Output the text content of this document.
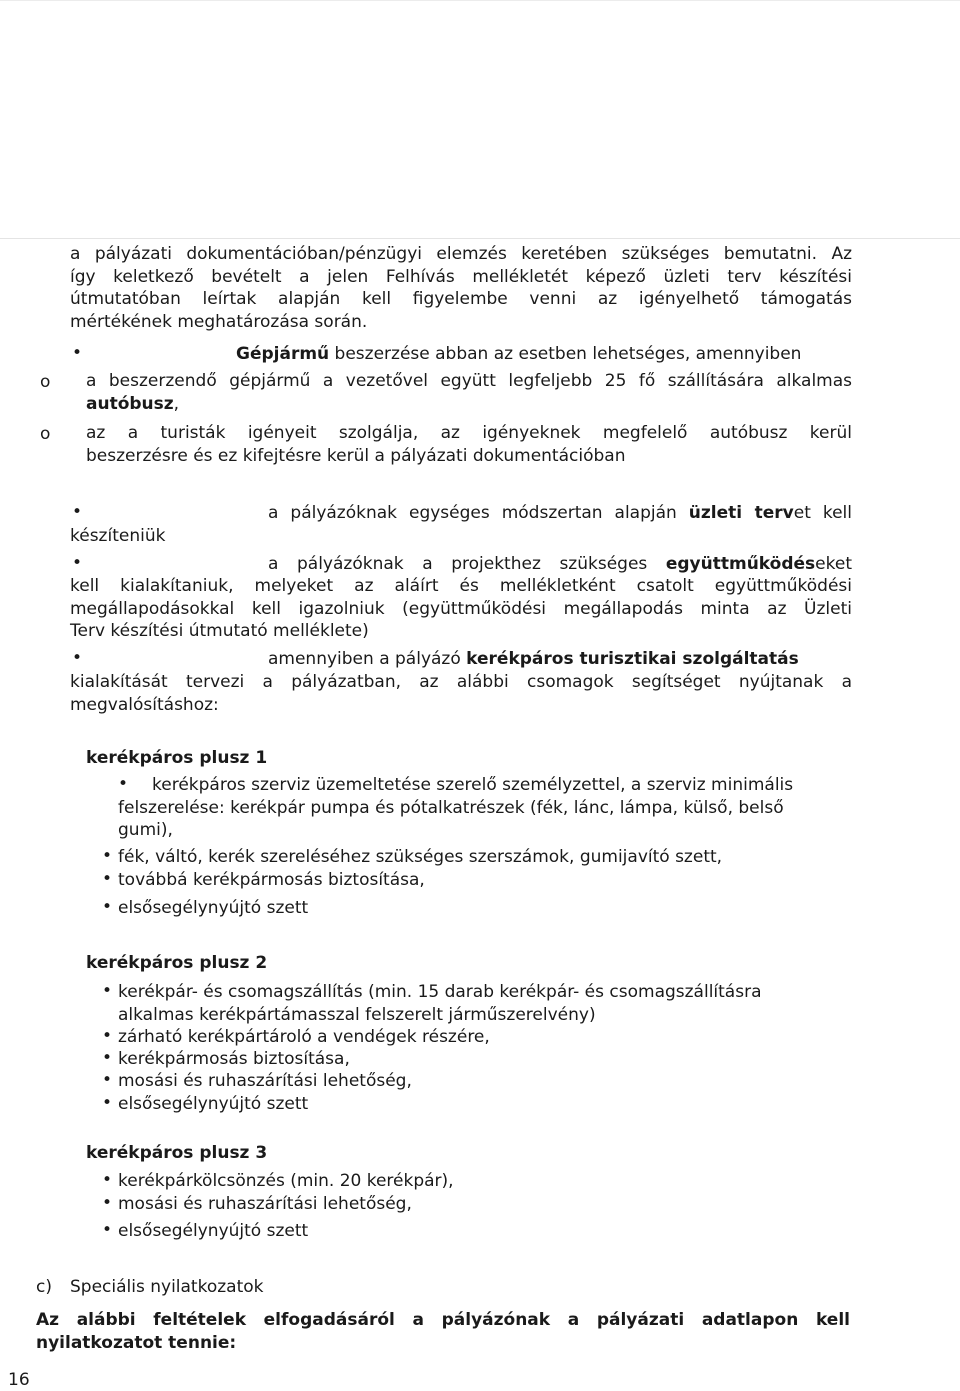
a pályázati dokumentációban/pénzügyi elemzés keretében szükséges bemutatni. Az
így keletkező bevételt a jelen Felhívás mellékletét képező üzleti terv készítési
útmutatóban leírtak alapján kell figyelembe venni az igényelhető támogatás
mértékének meghatározása során.
•	Gépjármű beszerzése abban az esetben lehetséges, amennyiben
o a beszerzendő gépjármű a vezetővel együtt legfeljebb 25 fő szállítására alkalmas
autóbusz,
o az a turisták igényeit szolgálja, az igényeknek megfelelő autóbusz kerül
beszerzésre és ez kifejtésre kerül a pályázati dokumentációban
•	a pályázóknak egységes módszertan alapján üzleti tervet kell
készíteniük
•	a pályázóknak a projekthez szükséges együttműködéseket
kell kialakítaniuk, melyeket az aláírt és mellékletként csatolt együttműködési
megállapodásokkal kell igazolniuk (együttműködési megállapodás minta az Üzleti
Terv készítési útmutató melléklete)
•	amennyiben a pályázó kerékpáros turisztikai szolgáltatás
kialakítását tervezi a pályázatban, az alábbi csomagok segítséget nyújtanak a
megvalósításhoz:
kerékpáros plusz 1
•	kerékpáros szerviz üzemeltetése szerelő személyzettel, a szerviz minimális
felszerelése: kerékpár pumpa és pótalkatrészek (fék, lánc, lámpa, külső, belső
gumi),
• fék, váltó, kerék szereléséhez szükséges szerszámok, gumijavító szett,
• továbbá kerékpármosás biztosítása,
• elsősegélynyújtó szett
kerékpáros plusz 2
• kerékpár- és csomagszállítás (min. 15 darab kerékpár- és csomagszállításra
alkalmas kerékpártámasszal felszerelt járműszerelvény)
• zárható kerékpártároló a vendégek részére,
• kerékpármosás biztosítása,
• mosási és ruhaszárítási lehetőség,
• elsősegélynyújtó szett
kerékpáros plusz 3
• kerékpárkölcsönzés (min. 20 kerékpár),
• mosási és ruhaszárítási lehetőség,
• elsősegélynyújtó szett
c) Speciális nyilatkozatok
Az alábbi feltételek elfogadásáról a pályázónak a pályázati adatlapon kell
nyilatkozatot tennie:
16
